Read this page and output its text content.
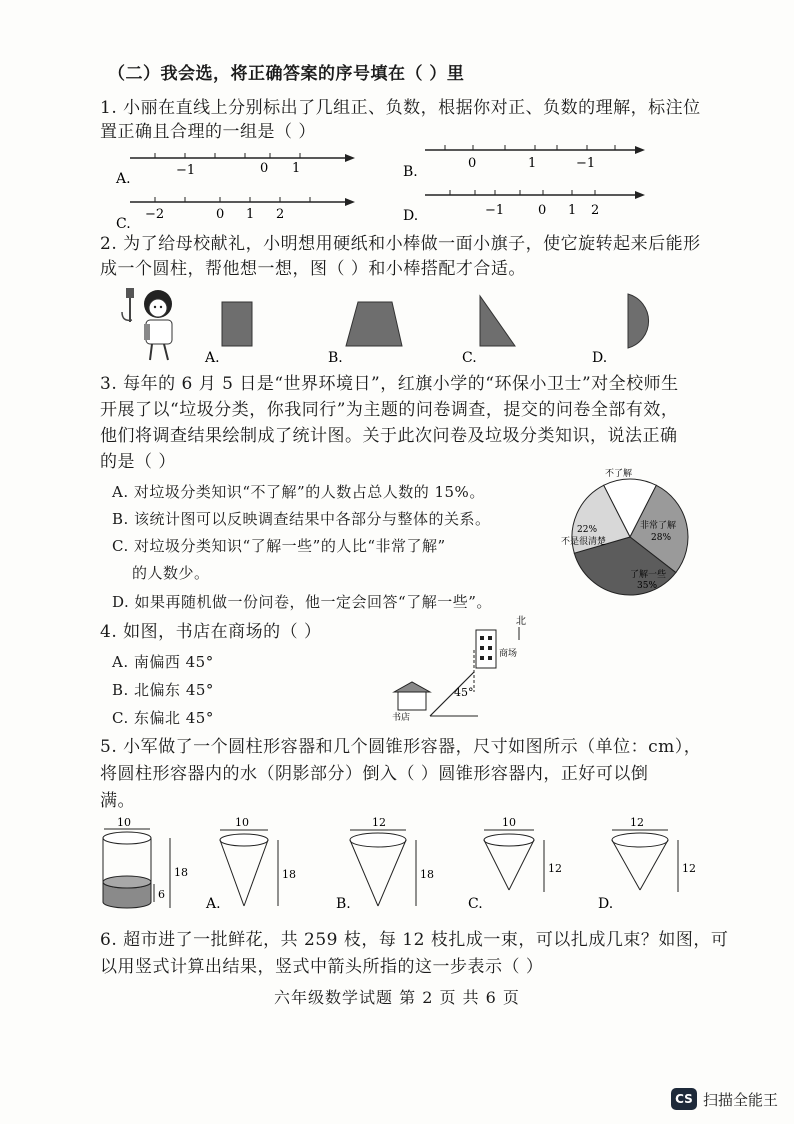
（二）我会选，将正确答案的序号填在（ ）里
1. 小丽在直线上分别标出了几组正、负数，根据你对正、负数的理解，标注位
置正确且合理的一组是（ ）
A.
−1	0 1	B.
0	1	−1
C.
−2	0 1 2	D.	−1	0 1 2
2. 为了给母校献礼，小明想用硬纸和小棒做一面小旗子，使它旋转起来后能形
成一个圆柱，帮他想一想，图（ ）和小棒搭配才合适。
A.	B.	C.	D.
3. 每年的 6 月 5 日是“世界环境日”，红旗小学的“环保小卫士”对全校师生
开展了以“垃圾分类，你我同行”为主题的问卷调查，提交的问卷全部有效，
他们将调查结果绘制成了统计图。关于此次问卷及垃圾分类知识，说法正确
的是（ ）
A. 对垃圾分类知识“不了解”的人数占总人数的 15%。
B. 该统计图可以反映调查结果中各部分与整体的关系。
C. 对垃圾分类知识“了解一些”的人比“非常了解”
的人数少。
D. 如果再随机做一份问卷，他一定会回答“了解一些”。
不了解
非常了解
28%
了解一些
35%
22%
不是很清楚
4. 如图，书店在商场的（ ）
A. 南偏西 45°
B. 北偏东 45°
C. 东偏北 45°
北
商场
45°
书店
5. 小军做了一个圆柱形容器和几个圆锥形容器，尺寸如图所示（单位：cm），
将圆柱形容器内的水（阴影部分）倒入（ ）圆锥形容器内，正好可以倒
满。
10
18
6
10
18
A.
12
18
B.
10
12
C.
12
12
D.
6. 超市进了一批鲜花，共 259 枝，每 12 枝扎成一束，可以扎成几束？如图，可
以用竖式计算出结果，竖式中箭头所指的这一步表示（ ）
六年级数学试题 第 2 页 共 6 页
CS 扫描全能王
